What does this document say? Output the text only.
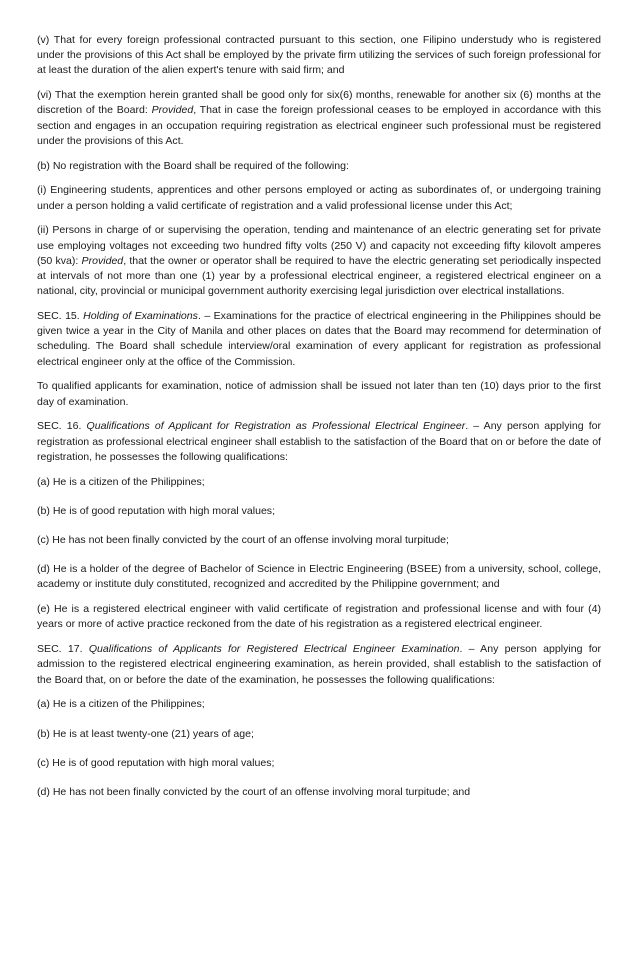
(v) That for every foreign professional contracted pursuant to this section, one Filipino understudy who is registered under the provisions of this Act shall be employed by the private firm utilizing the services of such foreign professional for at least the duration of the alien expert's tenure with said firm; and

(vi) That the exemption herein granted shall be good only for six(6) months, renewable for another six (6) months at the discretion of the Board: Provided, That in case the foreign professional ceases to be employed in accordance with this section and engages in an occupation requiring registration as electrical engineer such professional must be registered under the provisions of this Act.

(b) No registration with the Board shall be required of the following:

(i) Engineering students, apprentices and other persons employed or acting as subordinates of, or undergoing training under a person holding a valid certificate of registration and a valid professional license under this Act;

(ii) Persons in charge of or supervising the operation, tending and maintenance of an electric generating set for private use employing voltages not exceeding two hundred fifty volts (250 V) and capacity not exceeding fifty kilovolt amperes (50 kva): Provided, that the owner or operator shall be required to have the electric generating set periodically inspected at intervals of not more than one (1) year by a professional electrical engineer, a registered electrical engineer on a national, city, provincial or municipal government authority exercising legal jurisdiction over electrical installations.

SEC. 15. Holding of Examinations. – Examinations for the practice of electrical engineering in the Philippines should be given twice a year in the City of Manila and other places on dates that the Board may recommend for determination of scheduling. The Board shall schedule interview/oral examination of every applicant for registration as professional electrical engineer only at the office of the Commission.

To qualified applicants for examination, notice of admission shall be issued not later than ten (10) days prior to the first day of examination.

SEC. 16. Qualifications of Applicant for Registration as Professional Electrical Engineer. – Any person applying for registration as professional electrical engineer shall establish to the satisfaction of the Board that on or before the date of registration, he possesses the following qualifications:

(a) He is a citizen of the Philippines;

(b) He is of good reputation with high moral values;

(c) He has not been finally convicted by the court of an offense involving moral turpitude;

(d) He is a holder of the degree of Bachelor of Science in Electric Engineering (BSEE) from a university, school, college, academy or institute duly constituted, recognized and accredited by the Philippine government; and

(e) He is a registered electrical engineer with valid certificate of registration and professional license and with four (4) years or more of active practice reckoned from the date of his registration as a registered electrical engineer.

SEC. 17. Qualifications of Applicants for Registered Electrical Engineer Examination. – Any person applying for admission to the registered electrical engineering examination, as herein provided, shall establish to the satisfaction of the Board that, on or before the date of the examination, he possesses the following qualifications:

(a) He is a citizen of the Philippines;

(b) He is at least twenty-one (21) years of age;

(c) He is of good reputation with high moral values;

(d) He has not been finally convicted by the court of an offense involving moral turpitude; and
